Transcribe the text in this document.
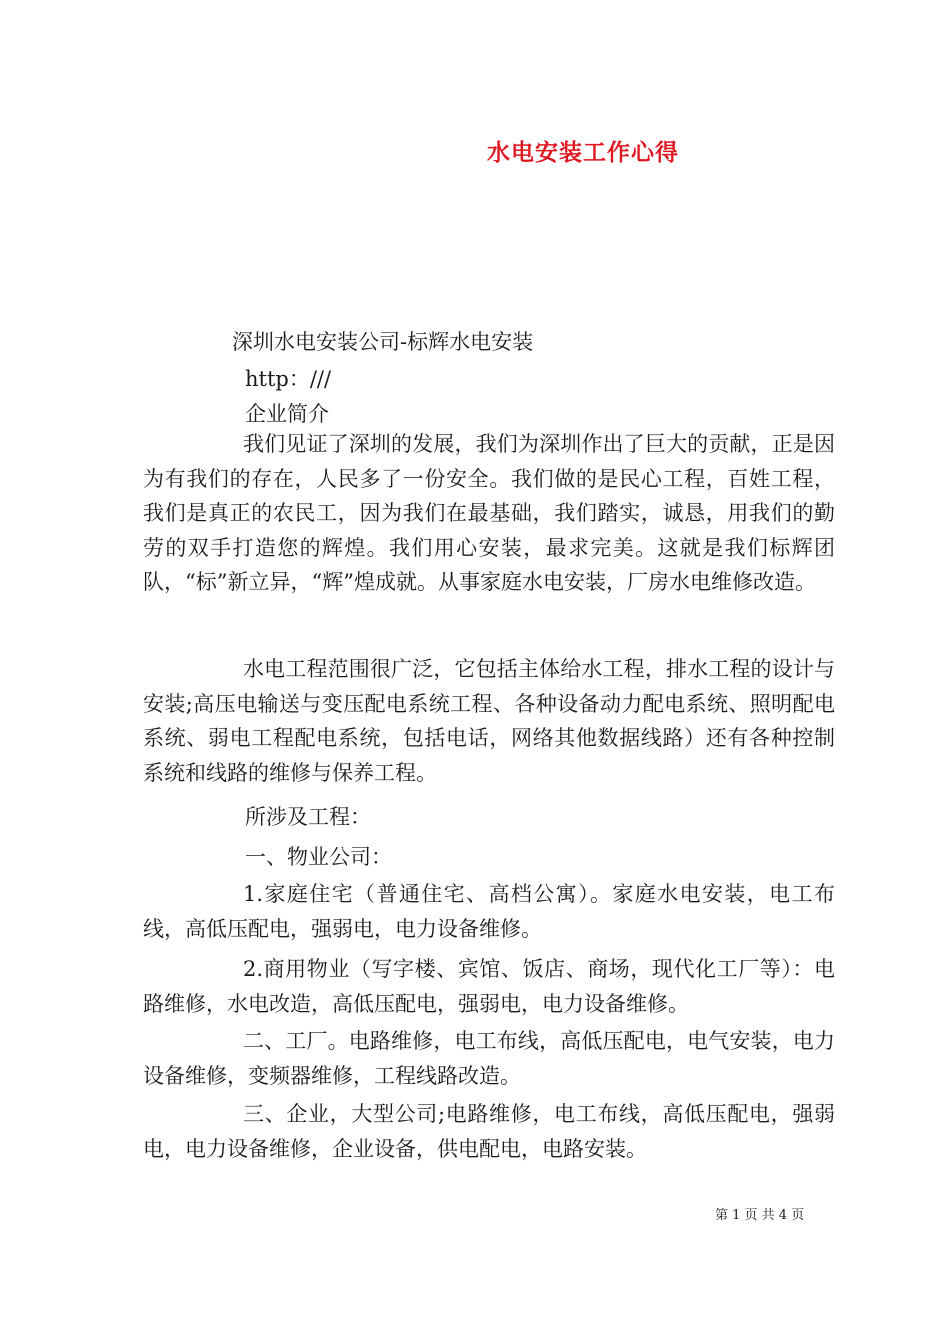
水电安装工作心得
深圳水电安装公司-标辉水电安装
http：///
企业简介
我们见证了深圳的发展，我们为深圳作出了巨大的贡献，正是因为有我们的存在，人民多了一份安全。我们做的是民心工程，百姓工程，我们是真正的农民工，因为我们在最基础，我们踏实，诚恳，用我们的勤劳的双手打造您的辉煌。我们用心安装，最求完美。这就是我们标辉团队，“标”新立异，“辉”煌成就。从事家庭水电安装，厂房水电维修改造。
水电工程范围很广泛，它包括主体给水工程，排水工程的设计与安装;高压电输送与变压配电系统工程、各种设备动力配电系统、照明配电系统、弱电工程配电系统，包括电话，网络其他数据线路）还有各种控制系统和线路的维修与保养工程。
所涉及工程：
一、物业公司：
1.家庭住宅（普通住宅、高档公寓）。家庭水电安装，电工布线，高低压配电，强弱电，电力设备维修。
2.商用物业（写字楼、宾馆、饭店、商场，现代化工厂等）：电路维修，水电改造，高低压配电，强弱电，电力设备维修。
二、工厂。电路维修，电工布线，高低压配电，电气安装，电力设备维修，变频器维修，工程线路改造。
三、企业，大型公司;电路维修，电工布线，高低压配电，强弱电，电力设备维修，企业设备，供电配电，电路安装。
第 1 页 共 4 页
